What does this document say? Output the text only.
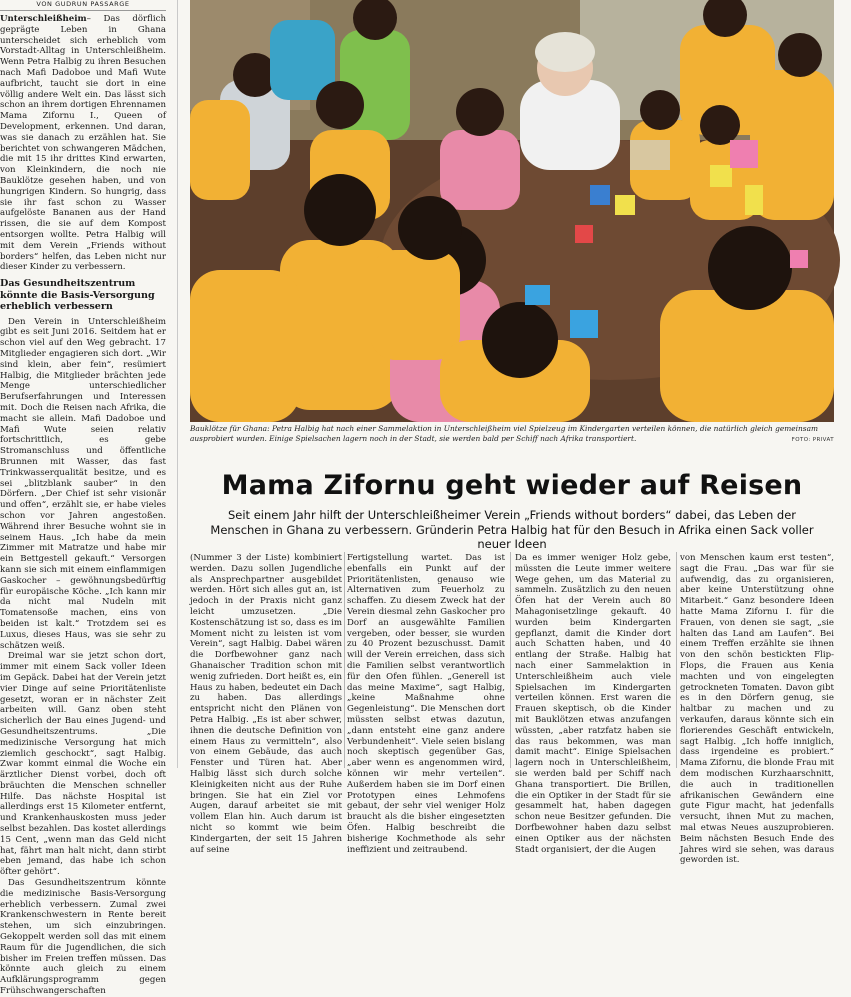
VON GUDRUN PASSARGE

Unterschleißheim– Das dörflich geprägte Leben in Ghana unterscheidet sich erheblich vom Vorstadt-Alltag in Unterschleißheim. Wenn Petra Halbig zu ihren Besuchen nach Mafi Dadoboe und Mafi Wute aufbricht, taucht sie dort in eine völlig andere Welt ein. Das lässt sich schon an ihrem dortigen Ehrennamen Mama Zifornu I., Queen of Development, erkennen. Und daran, was sie danach zu erzählen hat. Sie berichtet von schwangeren Mädchen, die mit 15 ihr drittes Kind erwarten, von Kleinkindern, die noch nie Bauklötze gesehen haben, und von hungrigen Kindern. So hungrig, dass sie ihr fast schon zu Wasser aufgelöste Bananen aus der Hand rissen, die sie auf dem Kompost entsorgen wollte. Petra Halbig will mit dem Verein „Friends without borders“ helfen, das Leben nicht nur dieser Kinder zu verbessern.

Das Gesundheitszentrum könnte die Basis-Versorgung erheblich verbessern

Den Verein in Unterschleißheim gibt es seit Juni 2016. Seitdem hat er schon viel auf den Weg gebracht. 17 Mitglieder engagieren sich dort. „Wir sind klein, aber fein“, resümiert Halbig, die Mitglieder brächten jede Menge unterschiedlicher Berufserfahrungen und Interessen mit. Doch die Reisen nach Afrika, die macht sie allein. Mafi Dadoboe und Mafi Wute seien relativ fortschrittlich, es gebe Stromanschluss und öffentliche Brunnen mit Wasser, das fast Trinkwasserqualität besitze, und es sei „blitzblank sauber“ in den Dörfern. „Der Chief ist sehr visionär und offen“, erzählt sie, er habe vieles schon vor Jahren angestoßen. Während ihrer Besuche wohnt sie in seinem Haus. „Ich habe da mein Zimmer mit Matratze und habe mir ein Bettgestell gekauft.“ Versorgen kann sie sich mit einem einflammigen Gaskocher – gewöhnungsbedürftig für europäische Köche. „Ich kann mir da nicht mal Nudeln mit Tomatensoße machen, eins von beiden ist kalt.“ Trotzdem sei es Luxus, dieses Haus, was sie sehr zu schätzen weiß.

Dreimal war sie jetzt schon dort, immer mit einem Sack voller Ideen im Gepäck. Dabei hat der Verein jetzt vier Dinge auf seine Prioritätenliste gesetzt, woran er in nächster Zeit arbeiten will. Ganz oben steht sicherlich der Bau eines Jugend- und Gesundheitszentrums. „Die medizinische Versorgung hat mich ziemlich geschockt“, sagt Halbig. Zwar kommt einmal die Woche ein ärztlicher Dienst vorbei, doch oft bräuchten die Menschen schneller Hilfe. Das nächste Hospital ist allerdings erst 15 Kilometer entfernt, und Krankenhauskosten muss jeder selbst bezahlen. Das kostet allerdings 15 Cent, „wenn man das Geld nicht hat, fährt man halt nicht, dann stirbt eben jemand, das habe ich schon öfter gehört“.

Das Gesundheitszentrum könnte die medizinische Basis-Versorgung erheblich verbessern. Zumal zwei Krankenschwestern in Rente bereit stehen, um sich einzubringen. Gekoppelt werden soll das mit einem Raum für die Jugendlichen, die sich bisher im Freien treffen müssen. Das könnte auch gleich zu einem Aufklärungsprogramm gegen Frühschwangerschaften

Bauklötze für Ghana: Petra Halbig hat nach einer Sammelaktion in Unterschleißheim viel Spielzeug im Kindergarten verteilen können, die natürlich gleich gemeinsam ausprobiert wurden. Einige Spielsachen lagern noch in der Stadt, sie werden bald per Schiff nach Afrika transportiert.	FOTO: PRIVAT
Mama Zifornu geht wieder auf Reisen
Seit einem Jahr hilft der Unterschleißheimer Verein „Friends without borders“ dabei, das Leben der Menschen in Ghana zu verbessern. Gründerin Petra Halbig hat für den Besuch in Afrika einen Sack voller neuer Ideen

(Nummer 3 der Liste) kombiniert werden. Dazu sollen Jugendliche als Ansprechpartner ausgebildet werden. Hört sich alles gut an, ist jedoch in der Praxis nicht ganz leicht umzusetzen. „Die Kostenschätzung ist so, dass es im Moment nicht zu leisten ist vom Verein“, sagt Halbig. Dabei wären die Dorfbewohner ganz nach Ghanaischer Tradition schon mit wenig zufrieden. Dort heißt es, ein Haus zu haben, bedeutet ein Dach zu haben. Das allerdings entspricht nicht den Plänen von Petra Halbig. „Es ist aber schwer, ihnen die deutsche Definition von einem Haus zu vermitteln“, also von einem Gebäude, das auch Fenster und Türen hat. Aber Halbig lässt sich durch solche Kleinigkeiten nicht aus der Ruhe bringen. Sie hat ein Ziel vor Augen, darauf arbeitet sie mit vollem Elan hin. Auch darum ist nicht so kommt wie beim Kindergarten, der seit 15 Jahren auf seine

Fertigstellung wartet. Das ist ebenfalls ein Punkt auf der Prioritätenlisten, genauso wie Alternativen zum Feuerholz zu schaffen. Zu diesem Zweck hat der Verein diesmal zehn Gaskocher pro Dorf an ausgewählte Familien vergeben, oder besser, sie wurden zu 40 Prozent bezuschusst. Damit will der Verein erreichen, dass sich die Familien selbst verantwortlich für den Ofen fühlen. „Generell ist das meine Maxime“, sagt Halbig, „keine Maßnahme ohne Gegenleistung“. Die Menschen dort müssten selbst etwas dazutun, „dann entsteht eine ganz andere Verbundenheit“. Viele seien bislang noch skeptisch gegenüber Gas, „aber wenn es angenommen wird, können wir mehr verteilen“. Außerdem haben sie im Dorf einen Prototypen eines Lehmofens gebaut, der sehr viel weniger Holz braucht als die bisher eingesetzten Öfen. Halbig beschreibt die bisherige Kochmethode als sehr ineffizient und zeitraubend.

Da es immer weniger Holz gebe, müssten die Leute immer weitere Wege gehen, um das Material zu sammeln. Zusätzlich zu den neuen Öfen hat der Verein auch 80 Mahagonisetzlinge gekauft. 40 wurden beim Kindergarten gepflanzt, damit die Kinder dort auch Schatten haben, und 40 entlang der Straße. Halbig hat nach einer Sammelaktion in Unterschleißheim auch viele Spielsachen im Kindergarten verteilen können. Erst waren die Frauen skeptisch, ob die Kinder mit Bauklötzen etwas anzufangen wüssten, „aber ratzfatz haben sie das raus bekommen, was man damit macht“. Einige Spielsachen lagern noch in Unterschleißheim, sie werden bald per Schiff nach Ghana transportiert. Die Brillen, die ein Optiker in der Stadt für sie gesammelt hat, haben dagegen schon neue Besitzer gefunden. Die Dorfbewohner haben dazu selbst einen Optiker aus der nächsten Stadt organisiert, der die Augen

von Menschen kaum erst testen“, sagt die Frau. „Das war für sie aufwendig, das zu organisieren, aber keine Unterstützung ohne Mitarbeit.“ Ganz besondere Ideen hatte Mama Zifornu I. für die Frauen, von denen sie sagt, „sie halten das Land am Laufen“. Bei einem Treffen erzählte sie ihnen von den schön bestickten Flip-Flops, die Frauen aus Kenia machten und von eingelegten getrockneten Tomaten. Davon gibt es in den Dörfern genug, sie haltbar zu machen und zu verkaufen, daraus könnte sich ein florierendes Geschäft entwickeln, sagt Halbig. „Ich hoffe inniglich, dass irgendeine es probiert.“ Mama Zifornu, die blonde Frau mit dem modischen Kurzhaarschnitt, die auch in traditionellen afrikanischen Gewändern eine gute Figur macht, hat jedenfalls versucht, ihnen Mut zu machen, mal etwas Neues auszuprobieren. Beim nächsten Besuch Ende des Jahres wird sie sehen, was daraus geworden ist.
